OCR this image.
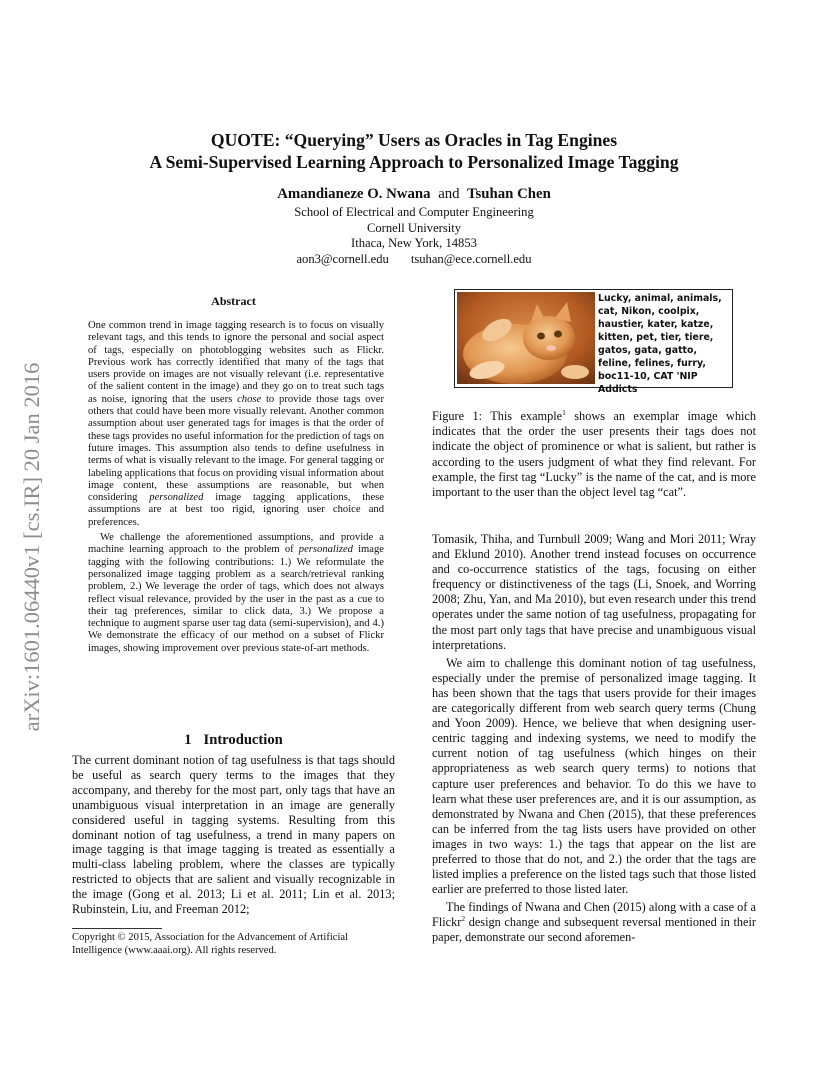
arXiv:1601.06440v1 [cs.IR] 20 Jan 2016
QUOTE: “Querying” Users as Oracles in Tag Engines
A Semi-Supervised Learning Approach to Personalized Image Tagging
Amandianeze O. Nwana and Tsuhan Chen
School of Electrical and Computer Engineering
Cornell University
Ithaca, New York, 14853
aon3@cornell.edu tsuhan@ece.cornell.edu
Abstract

One common trend in image tagging research is to focus on visually relevant tags, and this tends to ignore the personal and social aspect of tags, especially on photoblogging websites such as Flickr. Previous work has correctly identified that many of the tags that users provide on images are not visually relevant (i.e. representative of the salient content in the image) and they go on to treat such tags as noise, ignoring that the users chose to provide those tags over others that could have been more visually relevant. Another common assumption about user generated tags for images is that the order of these tags provides no useful information for the prediction of tags on future images. This assumption also tends to define usefulness in terms of what is visually relevant to the image. For general tagging or labeling applications that focus on providing visual information about image content, these assumptions are reasonable, but when considering personalized image tagging applications, these assumptions are at best too rigid, ignoring user choice and preferences.

We challenge the aforementioned assumptions, and provide a machine learning approach to the problem of personalized image tagging with the following contributions: 1.) We reformulate the personalized image tagging problem as a search/retrieval ranking problem, 2.) We leverage the order of tags, which does not always reflect visual relevance, provided by the user in the past as a cue to their tag preferences, similar to click data, 3.) We propose a technique to augment sparse user tag data (semi-supervision), and 4.) We demonstrate the efficacy of our method on a subset of Flickr images, showing improvement over previous state-of-art methods.

1 Introduction

The current dominant notion of tag usefulness is that tags should be useful as search query terms to the images that they accompany, and thereby for the most part, only tags that have an unambiguous visual interpretation in an image are generally considered useful in tagging systems. Resulting from this dominant notion of tag usefulness, a trend in many papers on image tagging is that image tagging is treated as essentially a multi-class labeling problem, where the classes are typically restricted to objects that are salient and visually recognizable in the image (Gong et al. 2013; Li et al. 2011; Lin et al. 2013; Rubinstein, Liu, and Freeman 2012;

Copyright © 2015, Association for the Advancement of Artificial Intelligence (www.aaai.org). All rights reserved.
Lucky, animal, animals, cat, Nikon, coolpix, haustier, kater, katze, kitten, pet, tier, tiere, gatos, gata, gatto, feline, felines, furry, boc11-10, CAT 'NIP Addicts
Figure 1: This example$^1$ shows an exemplar image which indicates that the order the user presents their tags does not indicate the object of prominence or what is salient, but rather is according to the users judgment of what they find relevant. For example, the first tag “Lucky” is the name of the cat, and is more important to the user than the object level tag “cat”.

Tomasik, Thiha, and Turnbull 2009; Wang and Mori 2011; Wray and Eklund 2010). Another trend instead focuses on occurrence and co-occurrence statistics of the tags, focusing on either frequency or distinctiveness of the tags (Li, Snoek, and Worring 2008; Zhu, Yan, and Ma 2010), but even research under this trend operates under the same notion of tag usefulness, propagating for the most part only tags that have precise and unambiguous visual interpretations.

We aim to challenge this dominant notion of tag usefulness, especially under the premise of personalized image tagging. It has been shown that the tags that users provide for their images are categorically different from web search query terms (Chung and Yoon 2009). Hence, we believe that when designing user-centric tagging and indexing systems, we need to modify the current notion of tag usefulness (which hinges on their appropriateness as web search query terms) to notions that capture user preferences and behavior. To do this we have to learn what these user preferences are, and it is our assumption, as demonstrated by Nwana and Chen (2015), that these preferences can be inferred from the tag lists users have provided on other images in two ways: 1.) the tags that appear on the list are preferred to those that do not, and 2.) the order that the tags are listed implies a preference on the listed tags such that those listed earlier are preferred to those listed later.

The findings of Nwana and Chen (2015) along with a case of a Flickr$^2$ design change and subsequent reversal mentioned in their paper, demonstrate our second aforemen-
